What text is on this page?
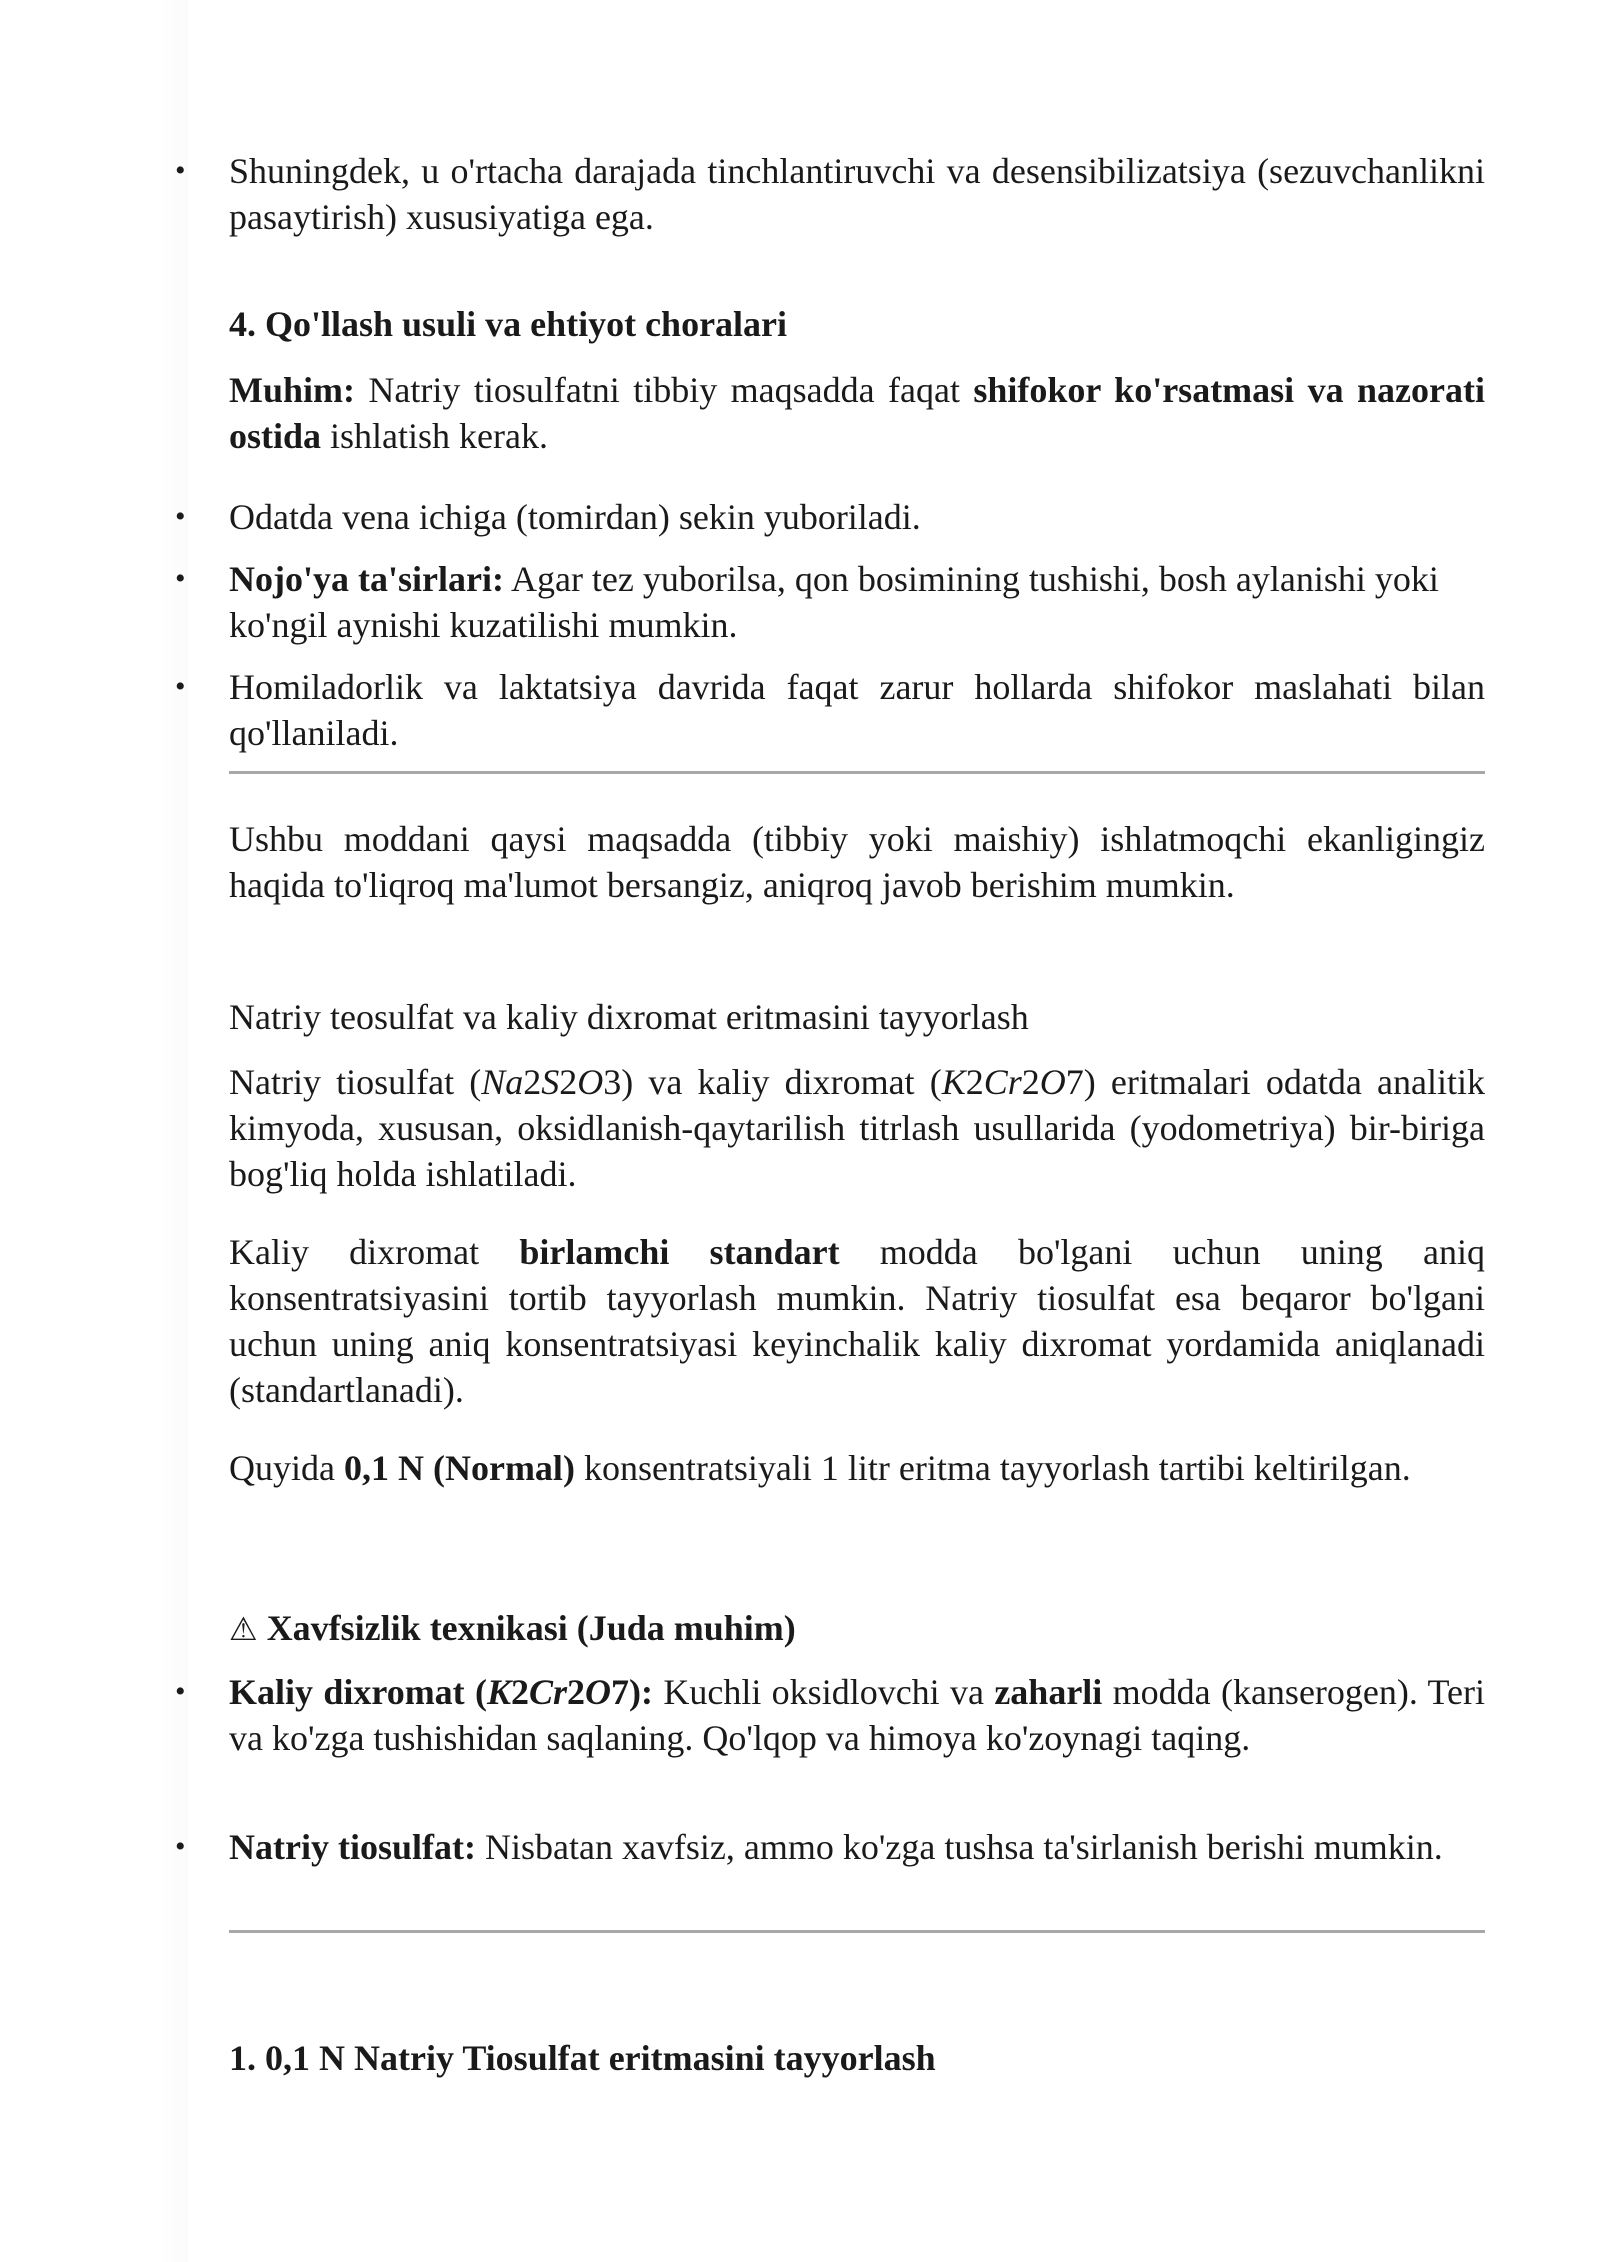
• Shuningdek, u o'rtacha darajada tinchlantiruvchi va desensibilizatsiya (sezuvchanlikni pasaytirish) xususiyatiga ega.

4. Qo'llash usuli va ehtiyot choralari

Muhim: Natriy tiosulfatni tibbiy maqsadda faqat shifokor ko'rsatmasi va nazorati ostida ishlatish kerak.

• Odatda vena ichiga (tomirdan) sekin yuboriladi.

• Nojo'ya ta'sirlari: Agar tez yuborilsa, qon bosimining tushishi, bosh aylanishi yoki ko'ngil aynishi kuzatilishi mumkin.

• Homiladorlik va laktatsiya davrida faqat zarur hollarda shifokor maslahati bilan qo'llaniladi.

Ushbu moddani qaysi maqsadda (tibbiy yoki maishiy) ishlatmoqchi ekanligingiz haqida to'liqroq ma'lumot bersangiz, aniqroq javob berishim mumkin.

Natriy teosulfat va kaliy dixromat eritmasini tayyorlash

Natriy tiosulfat (Na2S2O3) va kaliy dixromat (K2Cr2O7) eritmalari odatda analitik kimyoda, xususan, oksidlanish-qaytarilish titrlash usullarida (yodometriya) bir-biriga bog'liq holda ishlatiladi.

Kaliy dixromat birlamchi standart modda bo'lgani uchun uning aniq konsentratsiyasini tortib tayyorlash mumkin. Natriy tiosulfat esa beqaror bo'lgani uchun uning aniq konsentratsiyasi keyinchalik kaliy dixromat yordamida aniqlanadi (standartlanadi).

Quyida 0,1 N (Normal) konsentratsiyali 1 litr eritma tayyorlash tartibi keltirilgan.

⚠ Xavfsizlik texnikasi (Juda muhim)

• Kaliy dixromat (K2Cr2O7): Kuchli oksidlovchi va zaharli modda (kanserogen). Teri va ko'zga tushishidan saqlaning. Qo'lqop va himoya ko'zoynagi taqing.

• Natriy tiosulfat: Nisbatan xavfsiz, ammo ko'zga tushsa ta'sirlanish berishi mumkin.

1. 0,1 N Natriy Tiosulfat eritmasini tayyorlash
